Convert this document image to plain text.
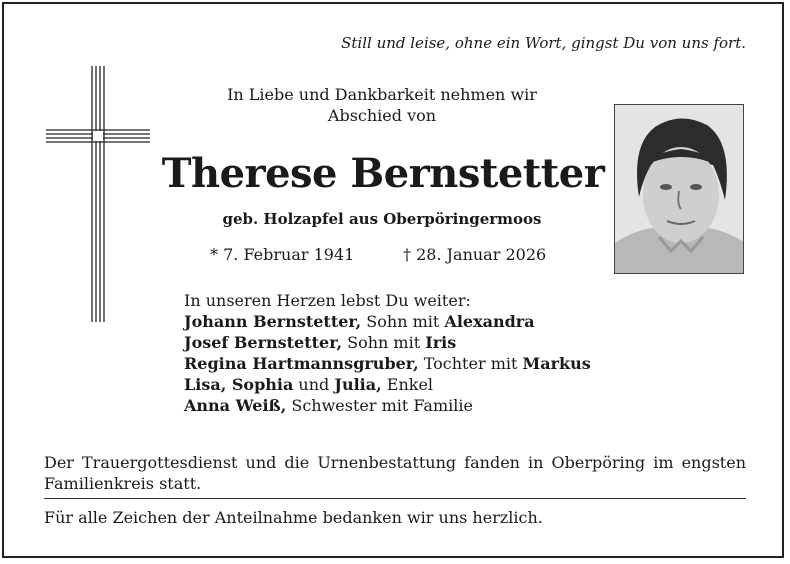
Still und leise, ohne ein Wort, gingst Du von uns fort.
In Liebe und Dankbarkeit nehmen wir
Abschied von
Therese Bernstetter
geb. Holzapfel aus Oberpöringermoos
* 7. Februar 1941	† 28. Januar 2026
In unseren Herzen lebst Du weiter:
Johann Bernstetter, Sohn mit Alexandra
Josef Bernstetter, Sohn mit Iris
Regina Hartmannsgruber, Tochter mit Markus
Lisa, Sophia und Julia, Enkel
Anna Weiß, Schwester mit Familie
Der Trauergottesdienst und die Urnenbestattung fanden in Oberpöring im engsten Familienkreis statt.
Für alle Zeichen der Anteilnahme bedanken wir uns herzlich.
